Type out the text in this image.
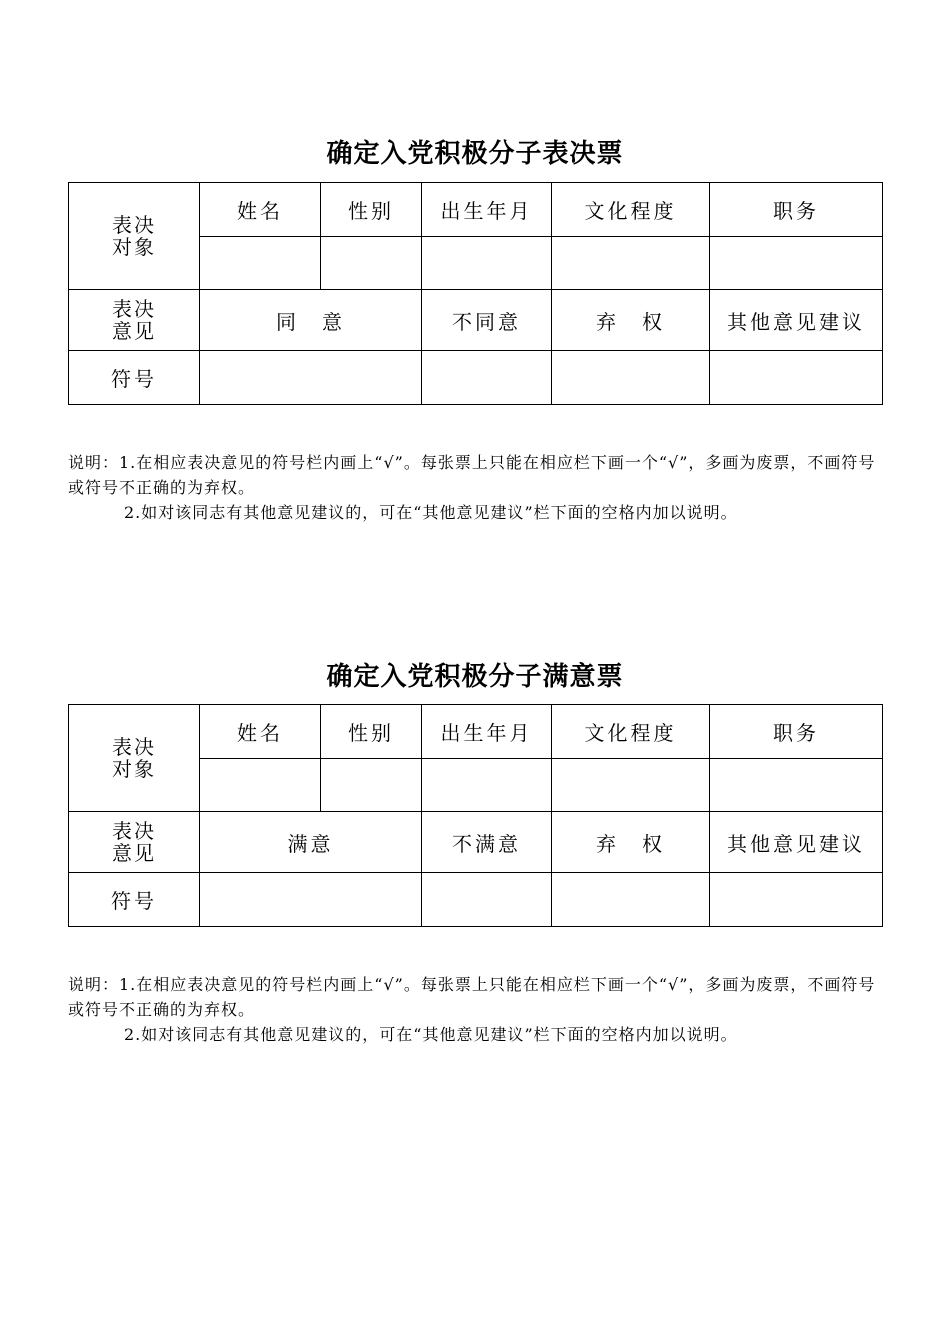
确定入党积极分子表决票
表决
对象	姓名	性别	出生年月	文化程度	职务

表决
意见	同　意		不同意	弃　权	其他意见建议
符号					

说明：1.在相应表决意见的符号栏内画上“√”。每张票上只能在相应栏下画一个“√”，多画为废票，不画符号或符号不正确的为弃权。

2.如对该同志有其他意见建议的，可在“其他意见建议”栏下面的空格内加以说明。

确定入党积极分子满意票
表决
对象	姓名	性别	出生年月	文化程度	职务

表决
意见	满意		不满意	弃　权	其他意见建议
符号					

说明：1.在相应表决意见的符号栏内画上“√”。每张票上只能在相应栏下画一个“√”，多画为废票，不画符号或符号不正确的为弃权。

2.如对该同志有其他意见建议的，可在“其他意见建议”栏下面的空格内加以说明。
